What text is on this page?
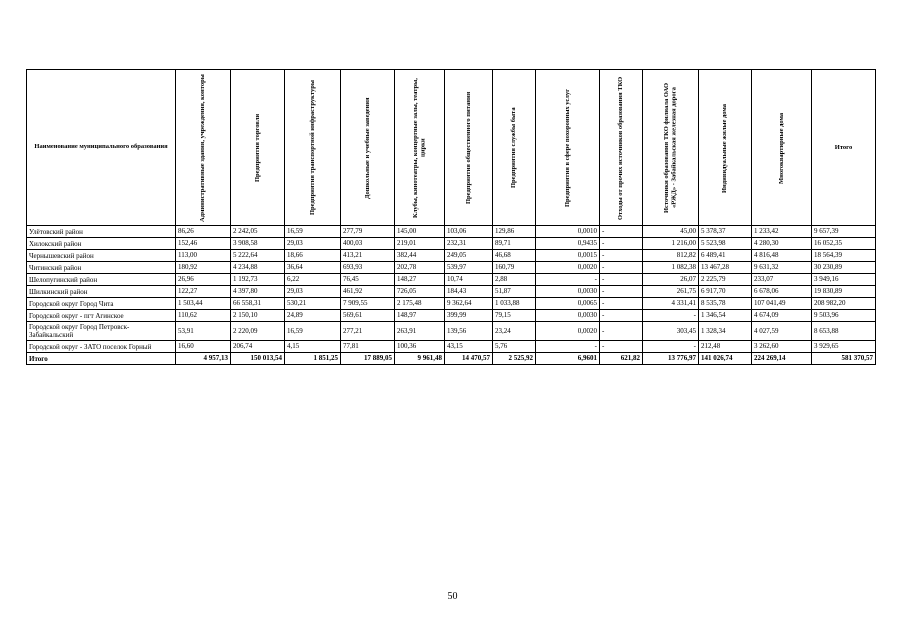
Наименование муниципального образования	Административные здания, учреждения, конторы	Предприятия торговли	Предприятия транспортной инфраструктуры	Дошкольные и учебные заведения	Клубы, кинотеатры, концертные залы, театры, цирки	Предприятия общественного питания	Предприятия службы быта	Предприятия в сфере похоронных услуг	Отходы от прочих источников образования ТКО	Источники образования ТКО филиала ОАО «РЖД» - Забайкальская железная дорога	Индивидуальные жилые дома	Многоквартирные дома	Итого
Улётовский район	86,26	2 242,05	16,59	277,79	145,00	103,06	129,86	0,0010	-	45,00	5 378,37	1 233,42	9 657,39
Хилокский район	152,46	3 908,58	29,03	400,03	219,01	232,31	89,71	0,9435	-	1 216,00	5 523,98	4 280,30	16 052,35
Чернышевский район	113,00	5 222,64	18,66	413,21	382,44	249,05	46,68	0,0015	-	812,82	6 489,41	4 816,48	18 564,39
Читинский район	180,92	4 234,88	36,64	693,93	202,78	539,97	160,79	0,0020	-	1 082,38	13 467,28	9 631,32	30 230,89
Шелопугинский район	26,96	1 192,73	6,22	76,45	148,27	10,74	2,88	-	-	26,07	2 225,79	233,07	3 949,16
Шилкинский район	122,27	4 397,80	29,03	461,92	726,05	184,43	51,87	0,0030	-	261,75	6 917,70	6 678,06	19 830,89
Городской округ Город Чита	1 503,44	66 558,31	530,21	7 909,55	2 175,48	9 362,64	1 033,88	0,0065	-	4 331,41	8 535,78	107 041,49	208 982,20
Городской округ - пгт Агинское	110,62	2 150,10	24,89	569,61	148,97	399,99	79,15	0,0030	-	-	1 346,54	4 674,09	9 503,96
Городской округ Город Петровск-Забайкальский	53,91	2 220,09	16,59	277,21	263,91	139,56	23,24	0,0020	-	303,45	1 328,34	4 027,59	8 653,88
Городской округ - ЗАТО поселок Горный	16,60	206,74	4,15	77,81	100,36	43,15	5,76	-	-	-	212,48	3 262,60	3 929,65
Итого	4 957,13	150 013,54	1 851,25	17 889,05	9 961,48	14 470,57	2 525,92	6,9601	621,82	13 776,97	141 026,74	224 269,14	581 370,57
50
